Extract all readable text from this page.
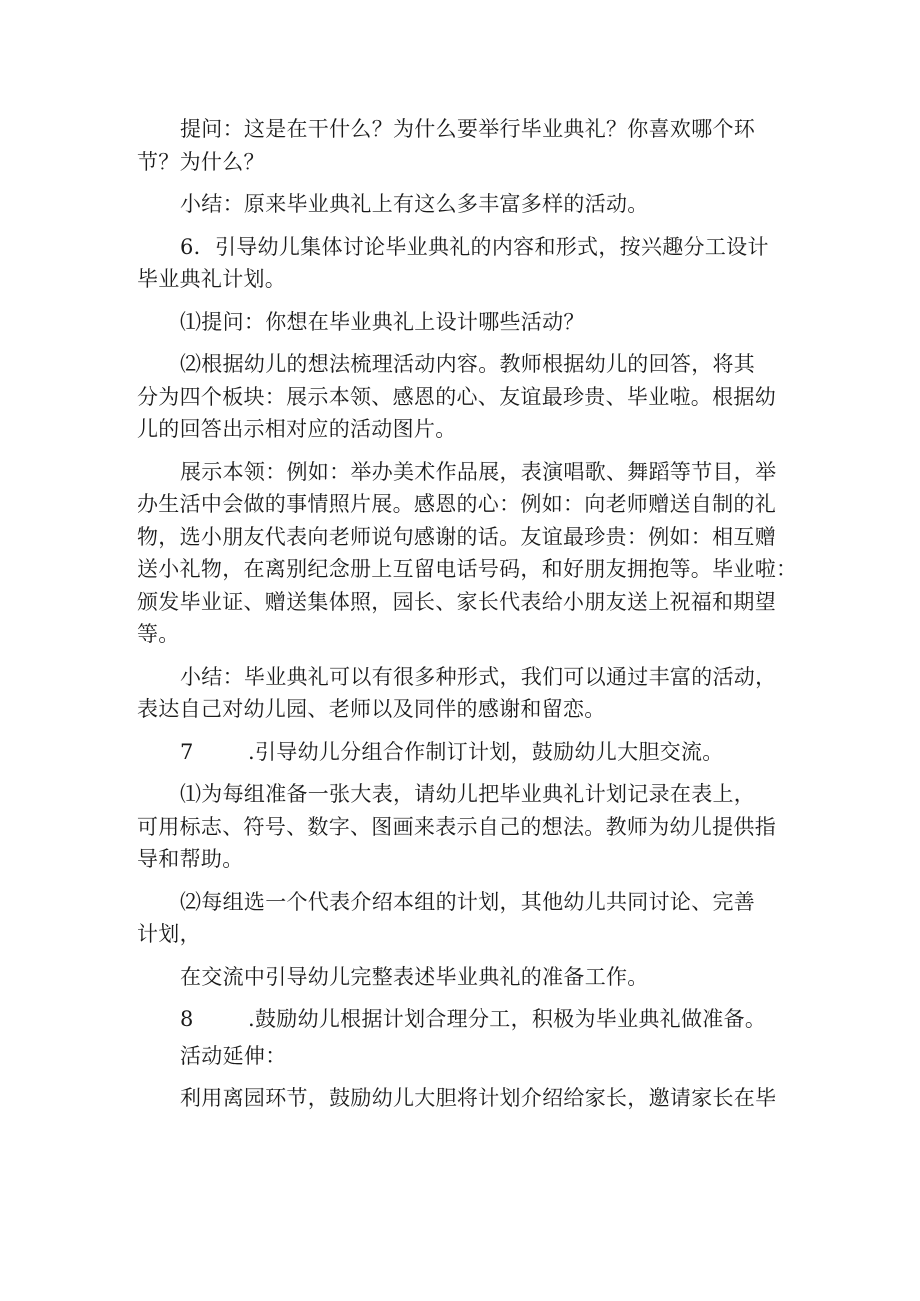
提问：这是在干什么？为什么要举行毕业典礼？你喜欢哪个环
节？为什么？

小结：原来毕业典礼上有这么多丰富多样的活动。

6．引导幼儿集体讨论毕业典礼的内容和形式，按兴趣分工设计
毕业典礼计划。

⑴提问：你想在毕业典礼上设计哪些活动？

⑵根据幼儿的想法梳理活动内容。教师根据幼儿的回答，将其
分为四个板块：展示本领、感恩的心、友谊最珍贵、毕业啦。根据幼
儿的回答出示相对应的活动图片。

展示本领：例如：举办美术作品展，表演唱歌、舞蹈等节目，举
办生活中会做的事情照片展。感恩的心：例如：向老师赠送自制的礼
物，选小朋友代表向老师说句感谢的话。友谊最珍贵：例如：相互赠
送小礼物，在离别纪念册上互留电话号码，和好朋友拥抱等。毕业啦：
颁发毕业证、赠送集体照，园长、家长代表给小朋友送上祝福和期望
等。

小结：毕业典礼可以有很多种形式，我们可以通过丰富的活动，
表达自己对幼儿园、老师以及同伴的感谢和留恋。

7	.引导幼儿分组合作制订计划，鼓励幼儿大胆交流。

⑴为每组准备一张大表，请幼儿把毕业典礼计划记录在表上，
可用标志、符号、数字、图画来表示自己的想法。教师为幼儿提供指
导和帮助。

⑵每组选一个代表介绍本组的计划，其他幼儿共同讨论、完善
计划，

在交流中引导幼儿完整表述毕业典礼的准备工作。

8	.鼓励幼儿根据计划合理分工，积极为毕业典礼做准备。

活动延伸：

利用离园环节，鼓励幼儿大胆将计划介绍给家长，邀请家长在毕
